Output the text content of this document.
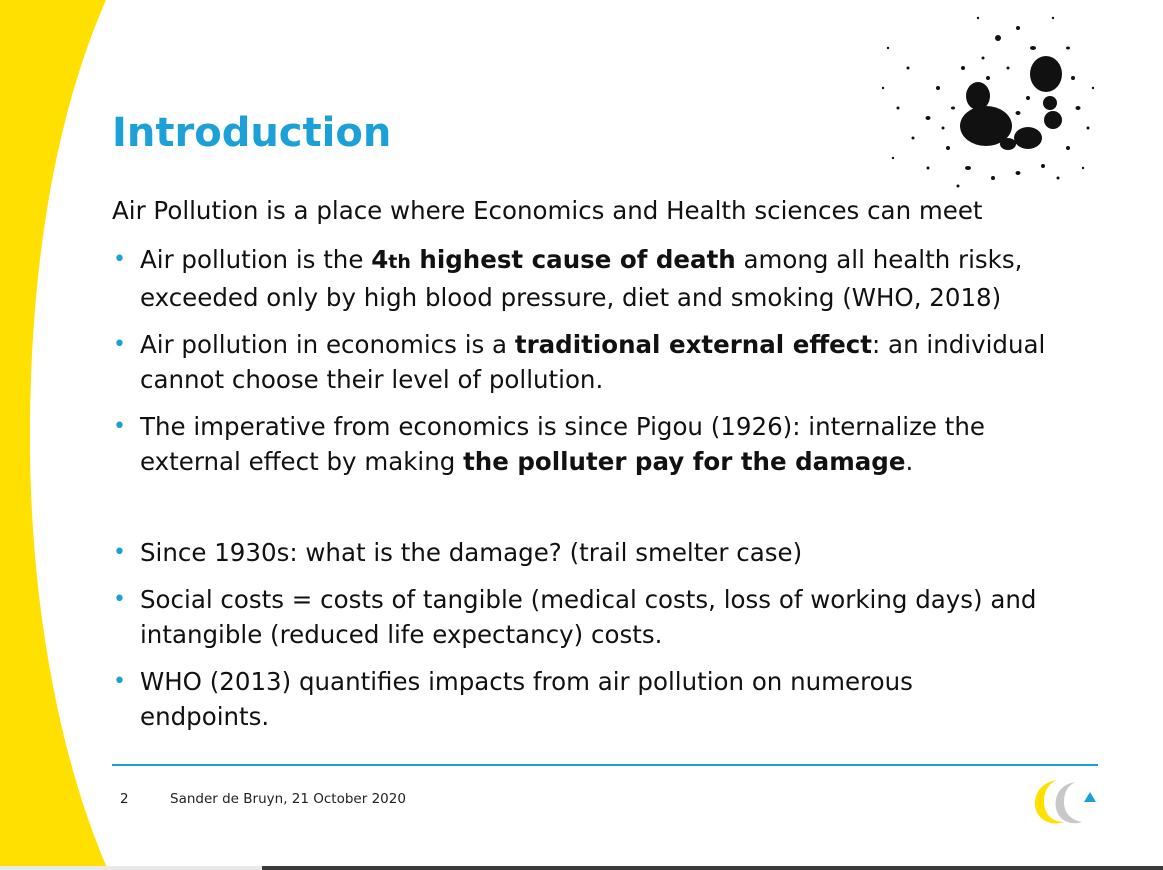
Introduction

Air Pollution is a place where Economics and Health sciences can meet

• Air pollution is the 4th highest cause of death among all health risks,
exceeded only by high blood pressure, diet and smoking (WHO, 2018)
• Air pollution in economics is a traditional external effect: an individual
cannot choose their level of pollution.
• The imperative from economics is since Pigou (1926): internalize the
external effect by making the polluter pay for the damage.
• Since 1930s: what is the damage? (trail smelter case)
• Social costs = costs of tangible (medical costs, loss of working days) and
intangible (reduced life expectancy) costs.
• WHO (2013) quantifies impacts from air pollution on numerous
endpoints.
2	Sander de Bruyn, 21 October 2020
